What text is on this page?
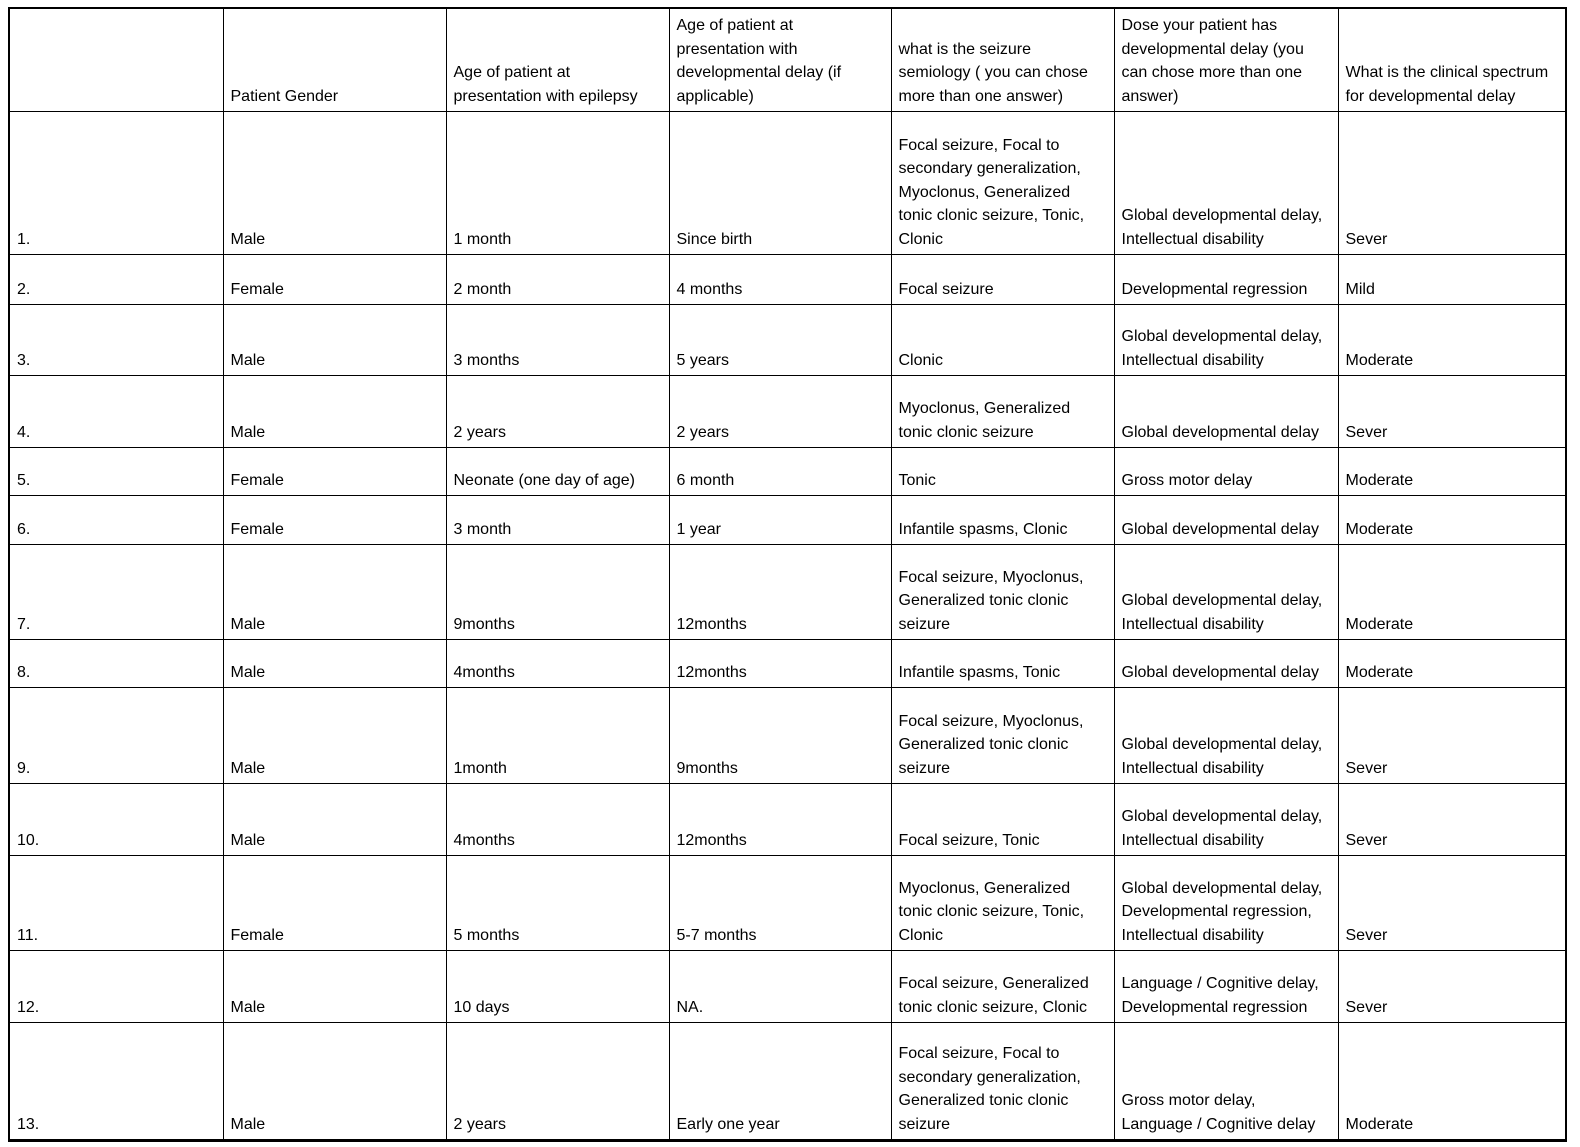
	Patient Gender	Age of patient at presentation with epilepsy	Age of patient at presentation with developmental delay (if applicable)	what is the seizure semiology ( you can chose more than one answer)	Dose your patient has developmental delay (you can chose more than one answer)	What is the clinical spectrum for developmental delay
1.	Male	1 month	Since birth	Focal seizure, Focal to secondary generalization, Myoclonus, Generalized tonic clonic seizure, Tonic, Clonic	Global developmental delay, Intellectual disability	Sever
2.	Female	2 month	4 months	Focal seizure	Developmental regression	Mild
3.	Male	3 months	5 years	Clonic	Global developmental delay, Intellectual disability	Moderate
4.	Male	2 years	2 years	Myoclonus, Generalized tonic clonic seizure	Global developmental delay	Sever
5.	Female	Neonate (one day of age)	6 month	Tonic	Gross motor delay	Moderate
6.	Female	3 month	1 year	Infantile spasms, Clonic	Global developmental delay	Moderate
7.	Male	9months	12months	Focal seizure, Myoclonus, Generalized tonic clonic seizure	Global developmental delay, Intellectual disability	Moderate
8.	Male	4months	12months	Infantile spasms, Tonic	Global developmental delay	Moderate
9.	Male	1month	9months	Focal seizure, Myoclonus, Generalized tonic clonic seizure	Global developmental delay, Intellectual disability	Sever
10.	Male	4months	12months	Focal seizure, Tonic	Global developmental delay, Intellectual disability	Sever
11.	Female	5 months	5-7 months	Myoclonus, Generalized tonic clonic seizure, Tonic, Clonic	Global developmental delay, Developmental regression, Intellectual disability	Sever
12.	Male	10 days	NA.	Focal seizure, Generalized tonic clonic seizure, Clonic	Language / Cognitive delay, Developmental regression	Sever
13.	Male	2 years	Early one year	Focal seizure, Focal to secondary generalization, Generalized tonic clonic seizure	Gross motor delay, Language / Cognitive delay	Moderate
